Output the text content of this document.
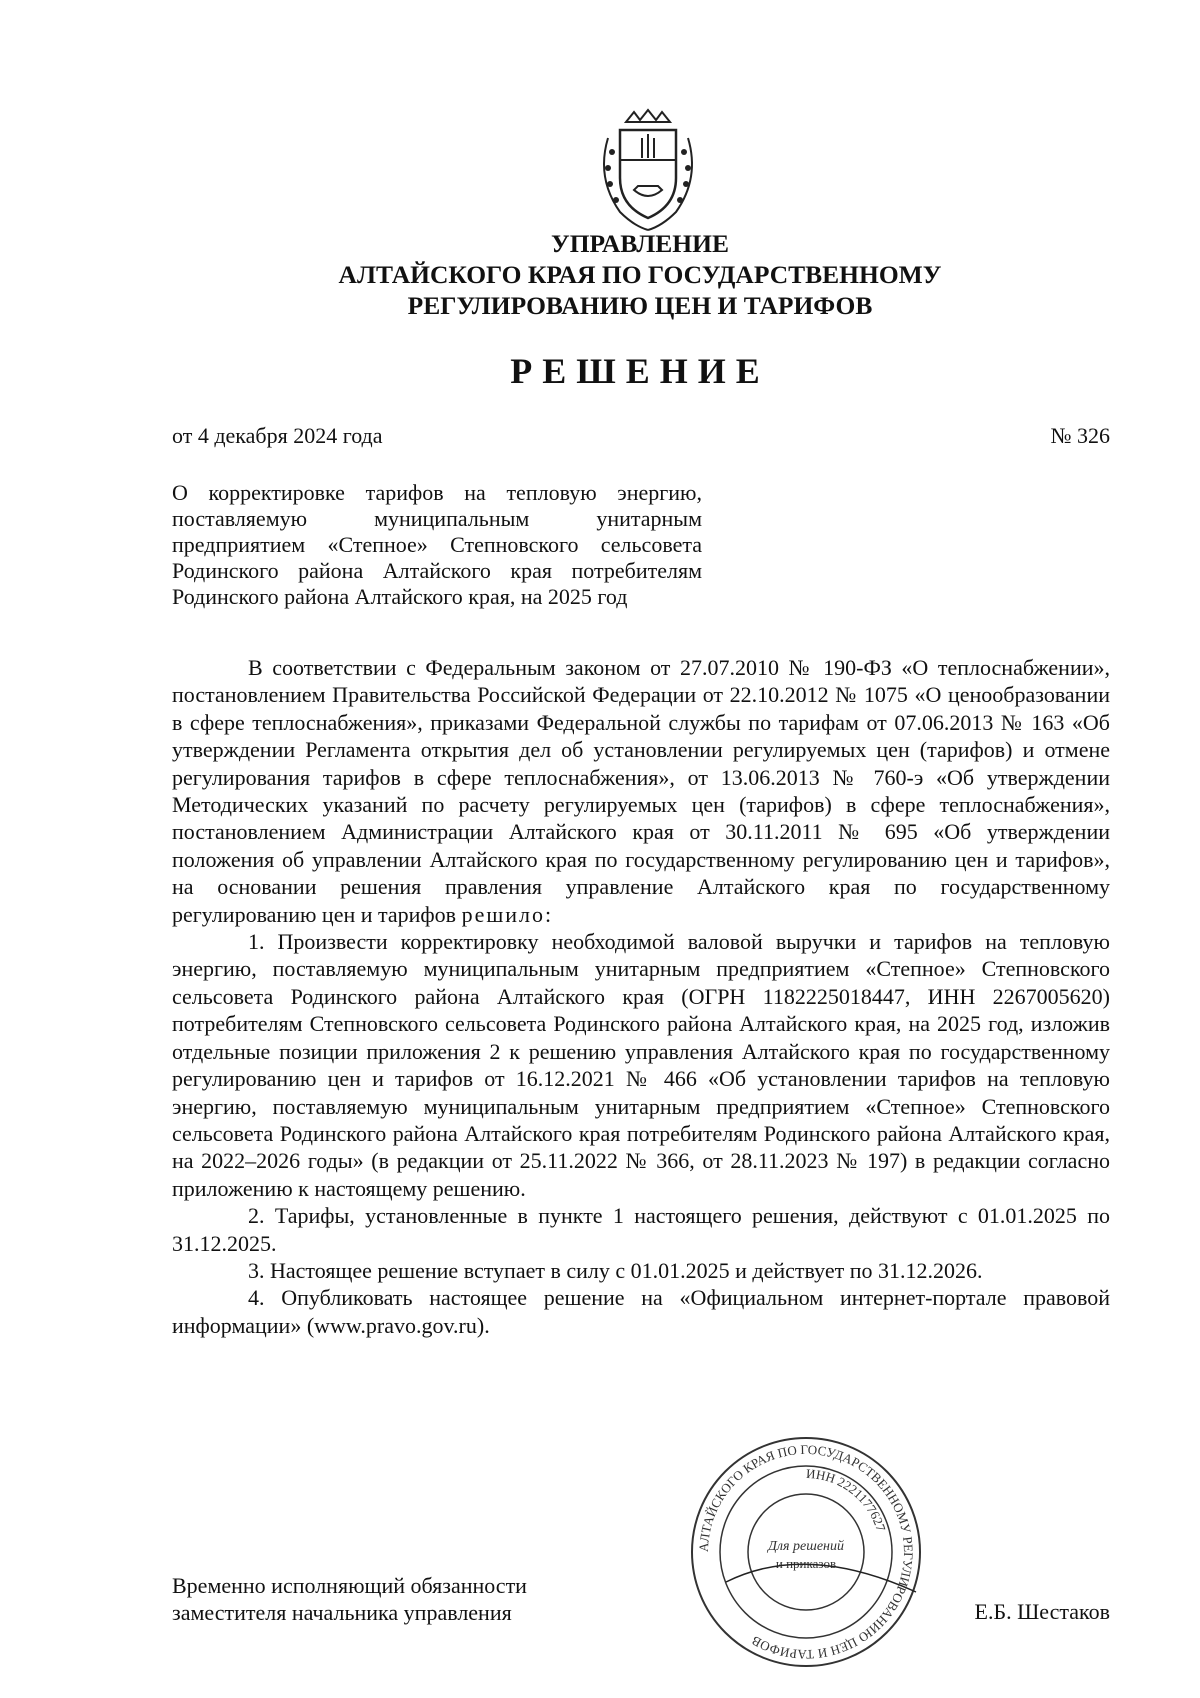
УПРАВЛЕНИЕ
АЛТАЙСКОГО КРАЯ ПО ГОСУДАРСТВЕННОМУ
РЕГУЛИРОВАНИЮ ЦЕН И ТАРИФОВ
РЕШЕНИЕ
от 4 декабря 2024 года	№ 326
О корректировке тарифов на тепловую энергию, поставляемую муниципальным унитарным предприятием «Степное» Степновского сельсовета Родинского района Алтайского края потребителям Родинского района Алтайского края, на 2025 год

В соответствии с Федеральным законом от 27.07.2010 № 190-ФЗ «О теплоснабжении», постановлением Правительства Российской Федерации от 22.10.2012 № 1075 «О ценообразовании в сфере теплоснабжения», приказами Федеральной службы по тарифам от 07.06.2013 № 163 «Об утверждении Регламента открытия дел об установлении регулируемых цен (тарифов) и отмене регулирования тарифов в сфере теплоснабжения», от 13.06.2013 № 760-э «Об утверждении Методических указаний по расчету регулируемых цен (тарифов) в сфере теплоснабжения», постановлением Администрации Алтайского края от 30.11.2011 № 695 «Об утверждении положения об управлении Алтайского края по государственному регулированию цен и тарифов», на основании решения правления управление Алтайского края по государственному регулированию цен и тарифов решило:

1. Произвести корректировку необходимой валовой выручки и тарифов на тепловую энергию, поставляемую муниципальным унитарным предприятием «Степное» Степновского сельсовета Родинского района Алтайского края (ОГРН 1182225018447, ИНН 2267005620) потребителям Степновского сельсовета Родинского района Алтайского края, на 2025 год, изложив отдельные позиции приложения 2 к решению управления Алтайского края по государственному регулированию цен и тарифов от 16.12.2021 № 466 «Об установлении тарифов на тепловую энергию, поставляемую муниципальным унитарным предприятием «Степное» Степновского сельсовета Родинского района Алтайского края потребителям Родинского района Алтайского края, на 2022–2026 годы» (в редакции от 25.11.2022 № 366, от 28.11.2023 № 197) в редакции согласно приложению к настоящему решению.

2. Тарифы, установленные в пункте 1 настоящего решения, действуют с 01.01.2025 по 31.12.2025.

3. Настоящее решение вступает в силу с 01.01.2025 и действует по 31.12.2026.

4. Опубликовать настоящее решение на «Официальном интернет-портале правовой информации» (www.pravo.gov.ru).

Временно исполняющий обязанности
заместителя начальника управления	Е.Б. Шестаков
АЛТАЙСКОГО КРАЯ ПО ГОСУДАРСТВЕННОМУ РЕГУЛИРОВАНИЮ ЦЕН И ТАРИФОВ
ИНН 2221177627
Для решений
и приказов
